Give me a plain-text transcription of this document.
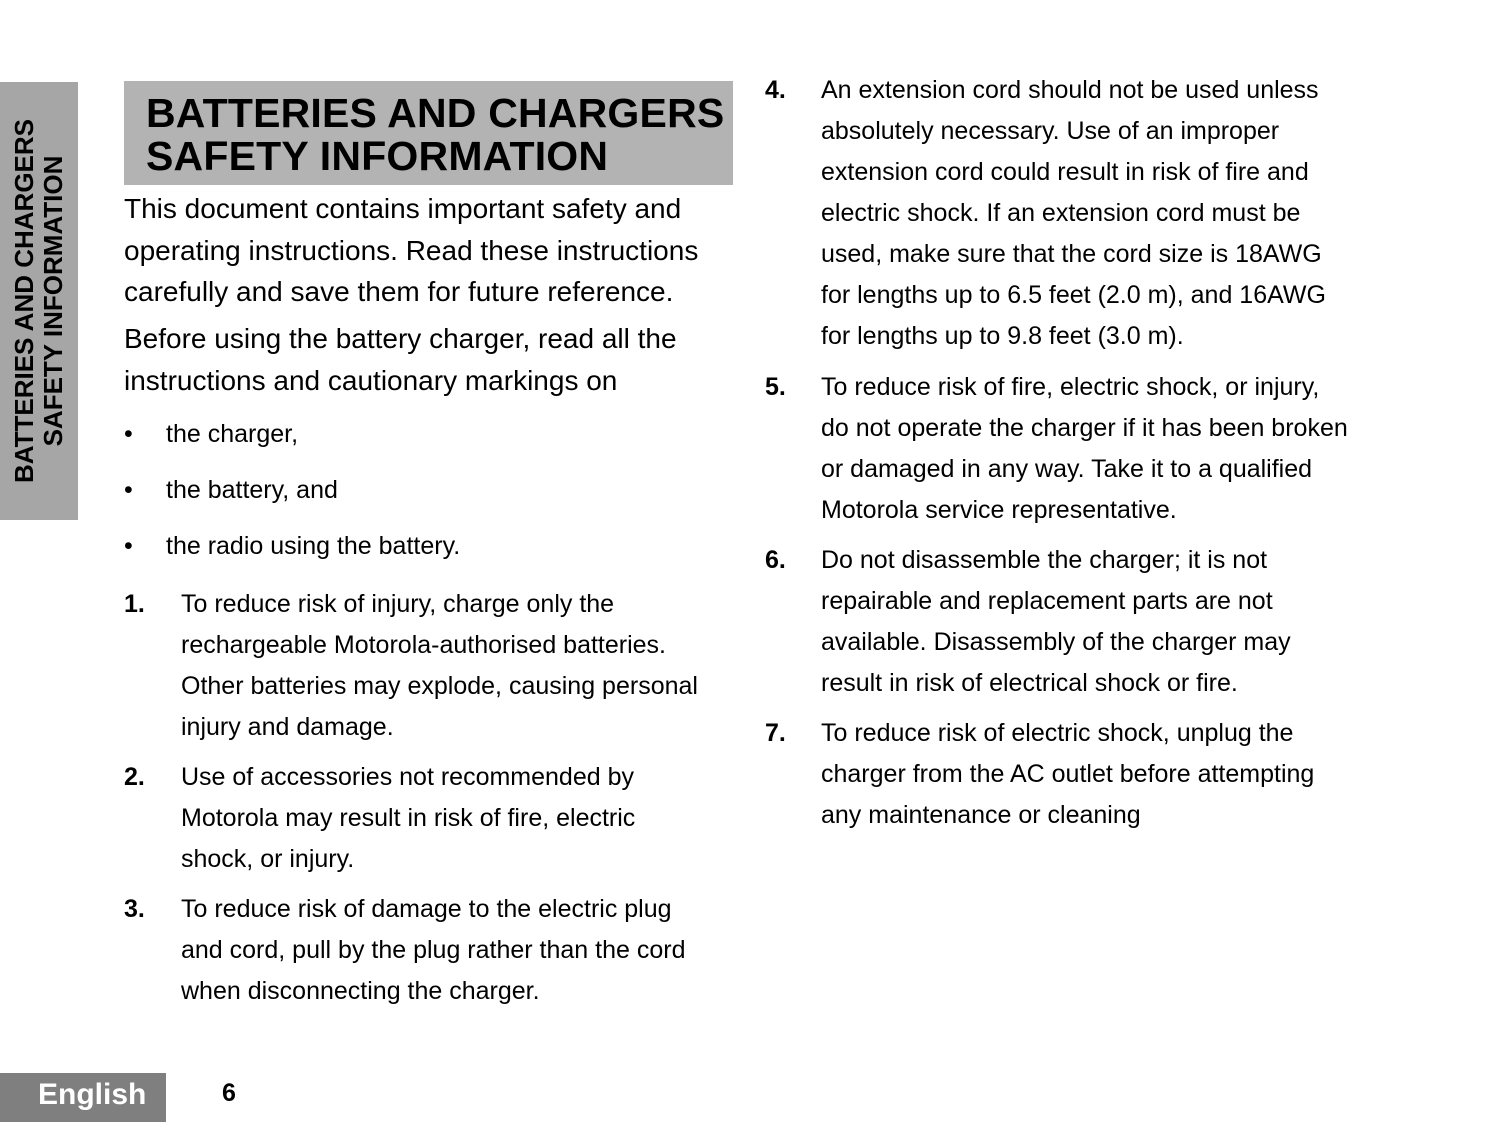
BATTERIES AND CHARGERS SAFETY INFORMATION
BATTERIES AND CHARGERS
SAFETY INFORMATION

This document contains important safety and
operating instructions. Read these instructions
carefully and save them for future reference.

Before using the battery charger, read all the
instructions and cautionary markings on

• the charger,
• the battery, and
• the radio using the battery.
1. To reduce risk of injury, charge only the
rechargeable Motorola-authorised batteries.
Other batteries may explode, causing personal
injury and damage.
2. Use of accessories not recommended by
Motorola may result in risk of fire, electric
shock, or injury.
3. To reduce risk of damage to the electric plug
and cord, pull by the plug rather than the cord
when disconnecting the charger.
4. An extension cord should not be used unless
absolutely necessary. Use of an improper
extension cord could result in risk of fire and
electric shock. If an extension cord must be
used, make sure that the cord size is 18AWG
for lengths up to 6.5 feet (2.0 m), and 16AWG
for lengths up to 9.8 feet (3.0 m).
5. To reduce risk of fire, electric shock, or injury,
do not operate the charger if it has been broken
or damaged in any way. Take it to a qualified
Motorola service representative.
6. Do not disassemble the charger; it is not
repairable and replacement parts are not
available. Disassembly of the charger may
result in risk of electrical shock or fire.
7. To reduce risk of electric shock, unplug the
charger from the AC outlet before attempting
any maintenance or cleaning
English	6
